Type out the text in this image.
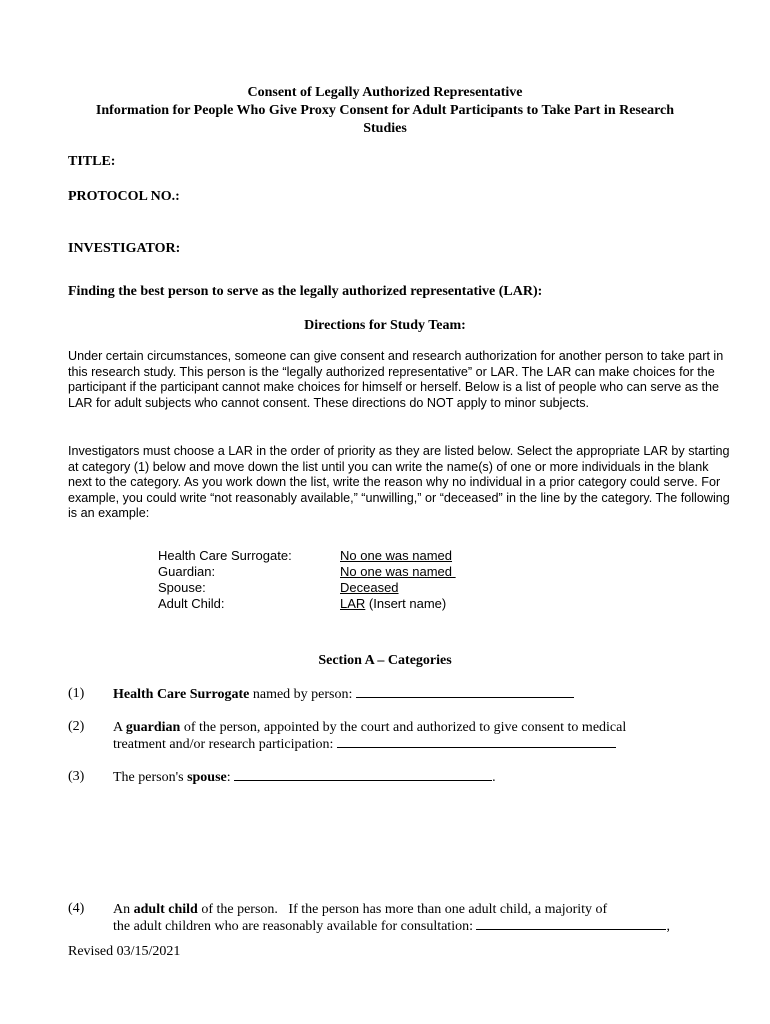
Consent of Legally Authorized Representative
Information for People Who Give Proxy Consent for Adult Participants to Take Part in Research
Studies
TITLE:
PROTOCOL NO.:
INVESTIGATOR:
Finding the best person to serve as the legally authorized representative (LAR):
Directions for Study Team:
Under certain circumstances, someone can give consent and research authorization for another person to take part in this research study. This person is the “legally authorized representative” or LAR. The LAR can make choices for the participant if the participant cannot make choices for himself or herself. Below is a list of people who can serve as the LAR for adult subjects who cannot consent. These directions do NOT apply to minor subjects.
Investigators must choose a LAR in the order of priority as they are listed below. Select the appropriate LAR by starting at category (1) below and move down the list until you can write the name(s) of one or more individuals in the blank next to the category. As you work down the list, write the reason why no individual in a prior category could serve. For example, you could write “not reasonably available,” “unwilling,” or “deceased” in the line by the category. The following is an example:
Health Care Surrogate:	No one was named
Guardian:	No one was named
Spouse:	Deceased
Adult Child:	LAR (Insert name)
Section A – Categories
(1) Health Care Surrogate named by person:
(2) A guardian of the person, appointed by the court and authorized to give consent to medical
treatment and/or research participation:
(3) The person's spouse:	.
(4) An adult child of the person.   If the person has more than one adult child, a majority of
the adult children who are reasonably available for consultation:	,
Revised 03/15/2021
